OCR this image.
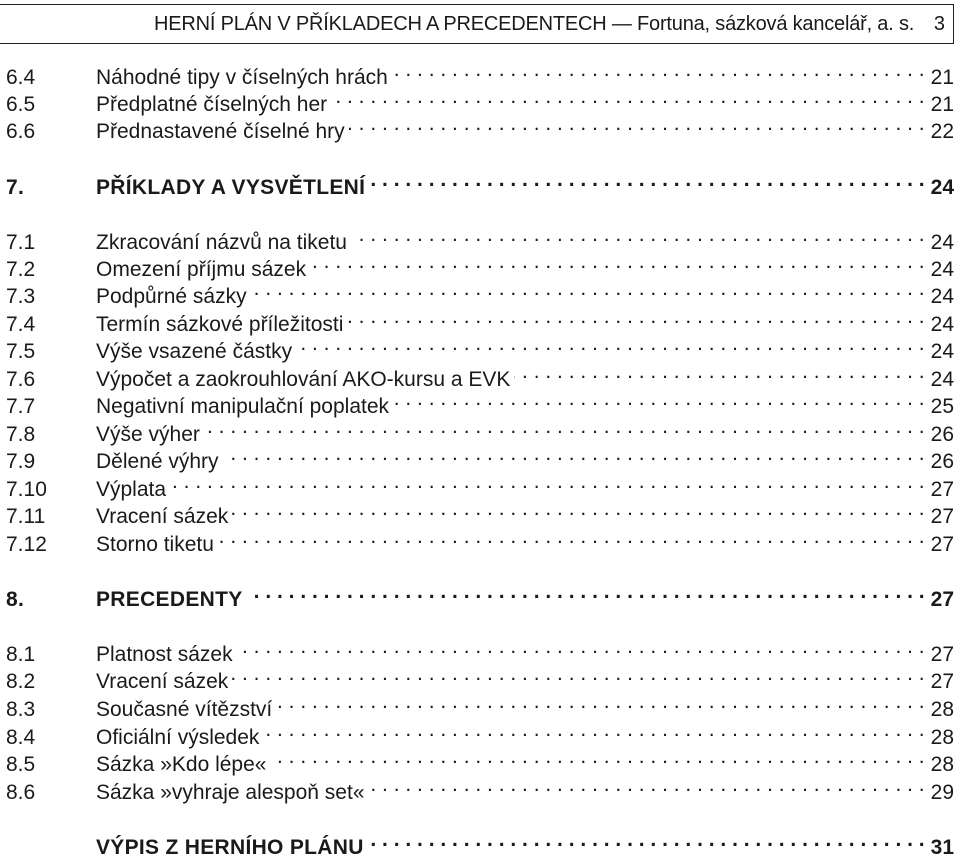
HERNÍ PLÁN V PŘÍKLADECH A PRECEDENTECH — Fortuna, sázková kancelář, a. s. 3
6.4	Náhodné tipy v číselných hrách . . .	21
6.5	Předplatné číselných her . . .	21
6.6	Přednastavené číselné hry . . .	22
7.	PŘÍKLADY A VYSVĚTLENÍ . . .	24
7.1	Zkracování názvů na tiketu . . .	24
7.2	Omezení příjmu sázek . . .	24
7.3	Podpůrné sázky . . .	24
7.4	Termín sázkové příležitosti . . .	24
7.5	Výše vsazené částky . . .	24
7.6	Výpočet a zaokrouhlování AKO-kursu a EVK . . .	24
7.7	Negativní manipulační poplatek . . .	25
7.8	Výše výher . . .	26
7.9	Dělené výhry . . .	26
7.10	Výplata . . .	27
7.11	Vracení sázek . . .	27
7.12	Storno tiketu . . .	27
8.	PRECEDENTY . . .	27
8.1	Platnost sázek . . .	27
8.2	Vracení sázek . . .	27
8.3	Současné vítězství . . .	28
8.4	Oficiální výsledek . . .	28
8.5	Sázka »Kdo lépe« . . .	28
8.6	Sázka »vyhraje alespoň set« . . .	29
VÝPIS Z HERNÍHO PLÁNU . . .	31
